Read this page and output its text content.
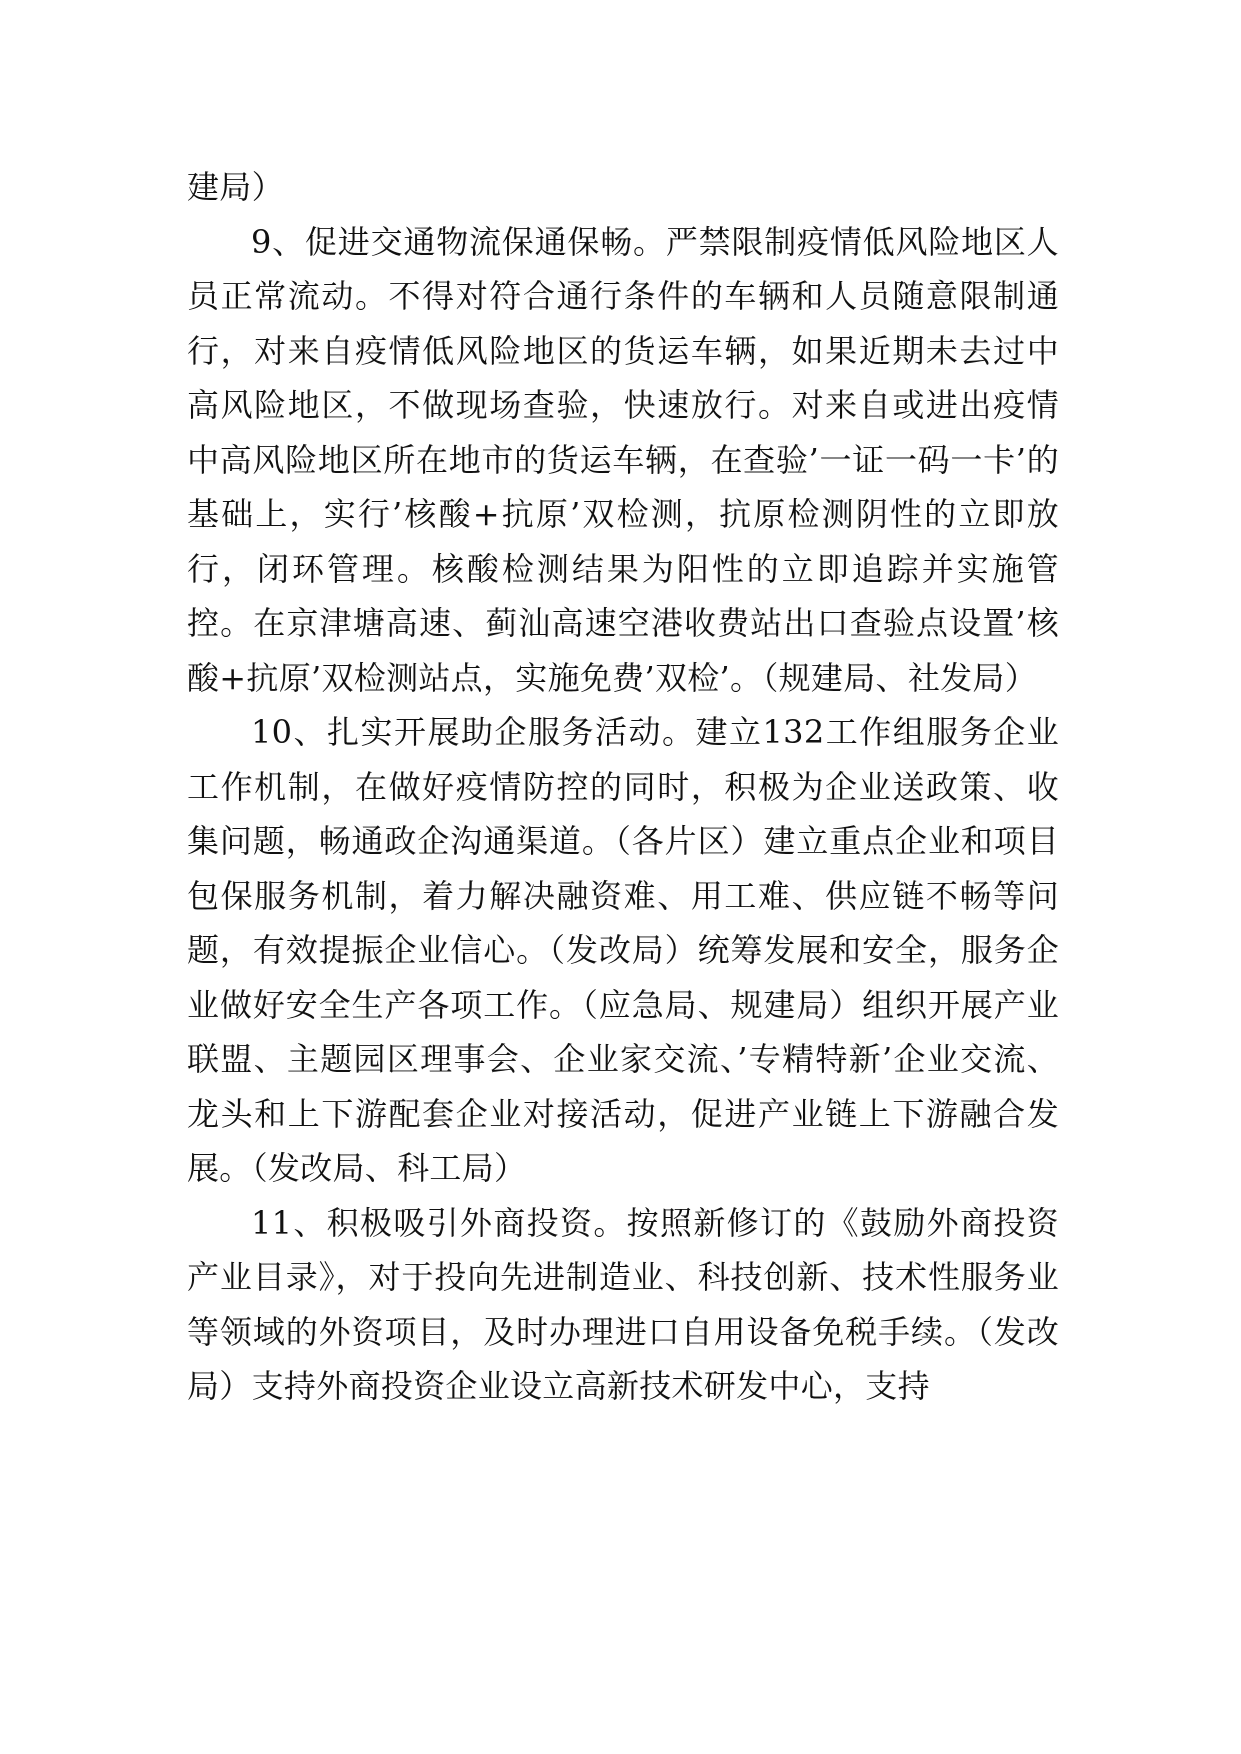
建局）

9、促进交通物流保通保畅。严禁限制疫情低风险地区人员正常流动。不得对符合通行条件的车辆和人员随意限制通行，对来自疫情低风险地区的货运车辆，如果近期未去过中高风险地区，不做现场查验，快速放行。对来自或进出疫情中高风险地区所在地市的货运车辆，在查验’一证一码一卡’的基础上，实行’核酸+抗原’双检测，抗原检测阴性的立即放行，闭环管理。核酸检测结果为阳性的立即追踪并实施管控。在京津塘高速、蓟汕高速空港收费站出口查验点设置’核酸+抗原’双检测站点，实施免费’双检’。（规建局、社发局）

10、扎实开展助企服务活动。建立132工作组服务企业工作机制，在做好疫情防控的同时，积极为企业送政策、收集问题，畅通政企沟通渠道。（各片区）建立重点企业和项目包保服务机制，着力解决融资难、用工难、供应链不畅等问题，有效提振企业信心。（发改局）统筹发展和安全，服务企业做好安全生产各项工作。（应急局、规建局）组织开展产业联盟、主题园区理事会、企业家交流、’专精特新’企业交流、龙头和上下游配套企业对接活动，促进产业链上下游融合发展。（发改局、科工局）

11、积极吸引外商投资。按照新修订的《鼓励外商投资产业目录》，对于投向先进制造业、科技创新、技术性服务业等领域的外资项目，及时办理进口自用设备免税手续。（发改局）支持外商投资企业设立高新技术研发中心，支持
